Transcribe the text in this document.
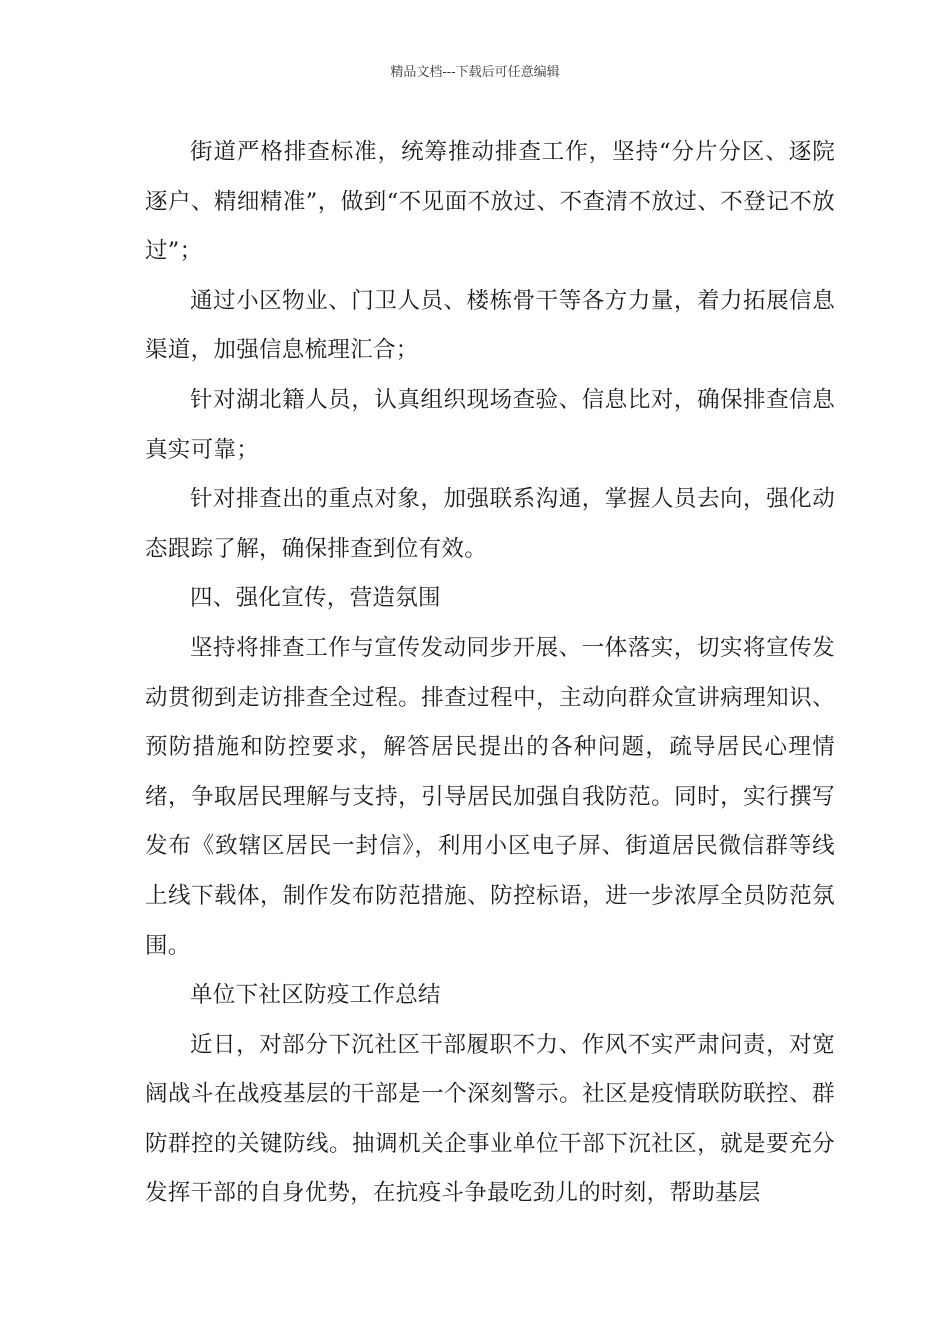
精品文档---下载后可任意编辑

街道严格排查标准，统筹推动排查工作，坚持“分片分区、逐院逐户、精细精准”，做到“不见面不放过、不查清不放过、不登记不放过”；

通过小区物业、门卫人员、楼栋骨干等各方力量，着力拓展信息渠道，加强信息梳理汇合；

针对湖北籍人员，认真组织现场查验、信息比对，确保排查信息真实可靠；

针对排查出的重点对象，加强联系沟通，掌握人员去向，强化动态跟踪了解，确保排查到位有效。

四、强化宣传，营造氛围

坚持将排查工作与宣传发动同步开展、一体落实，切实将宣传发动贯彻到走访排查全过程。排查过程中，主动向群众宣讲病理知识、预防措施和防控要求，解答居民提出的各种问题，疏导居民心理情绪，争取居民理解与支持，引导居民加强自我防范。同时，实行撰写发布《致辖区居民一封信》，利用小区电子屏、街道居民微信群等线上线下载体，制作发布防范措施、防控标语，进一步浓厚全员防范氛围。

单位下社区防疫工作总结

近日，对部分下沉社区干部履职不力、作风不实严肃问责，对宽阔战斗在战疫基层的干部是一个深刻警示。社区是疫情联防联控、群防群控的关键防线。抽调机关企事业单位干部下沉社区，就是要充分发挥干部的自身优势，在抗疫斗争最吃劲儿的时刻，帮助基层
